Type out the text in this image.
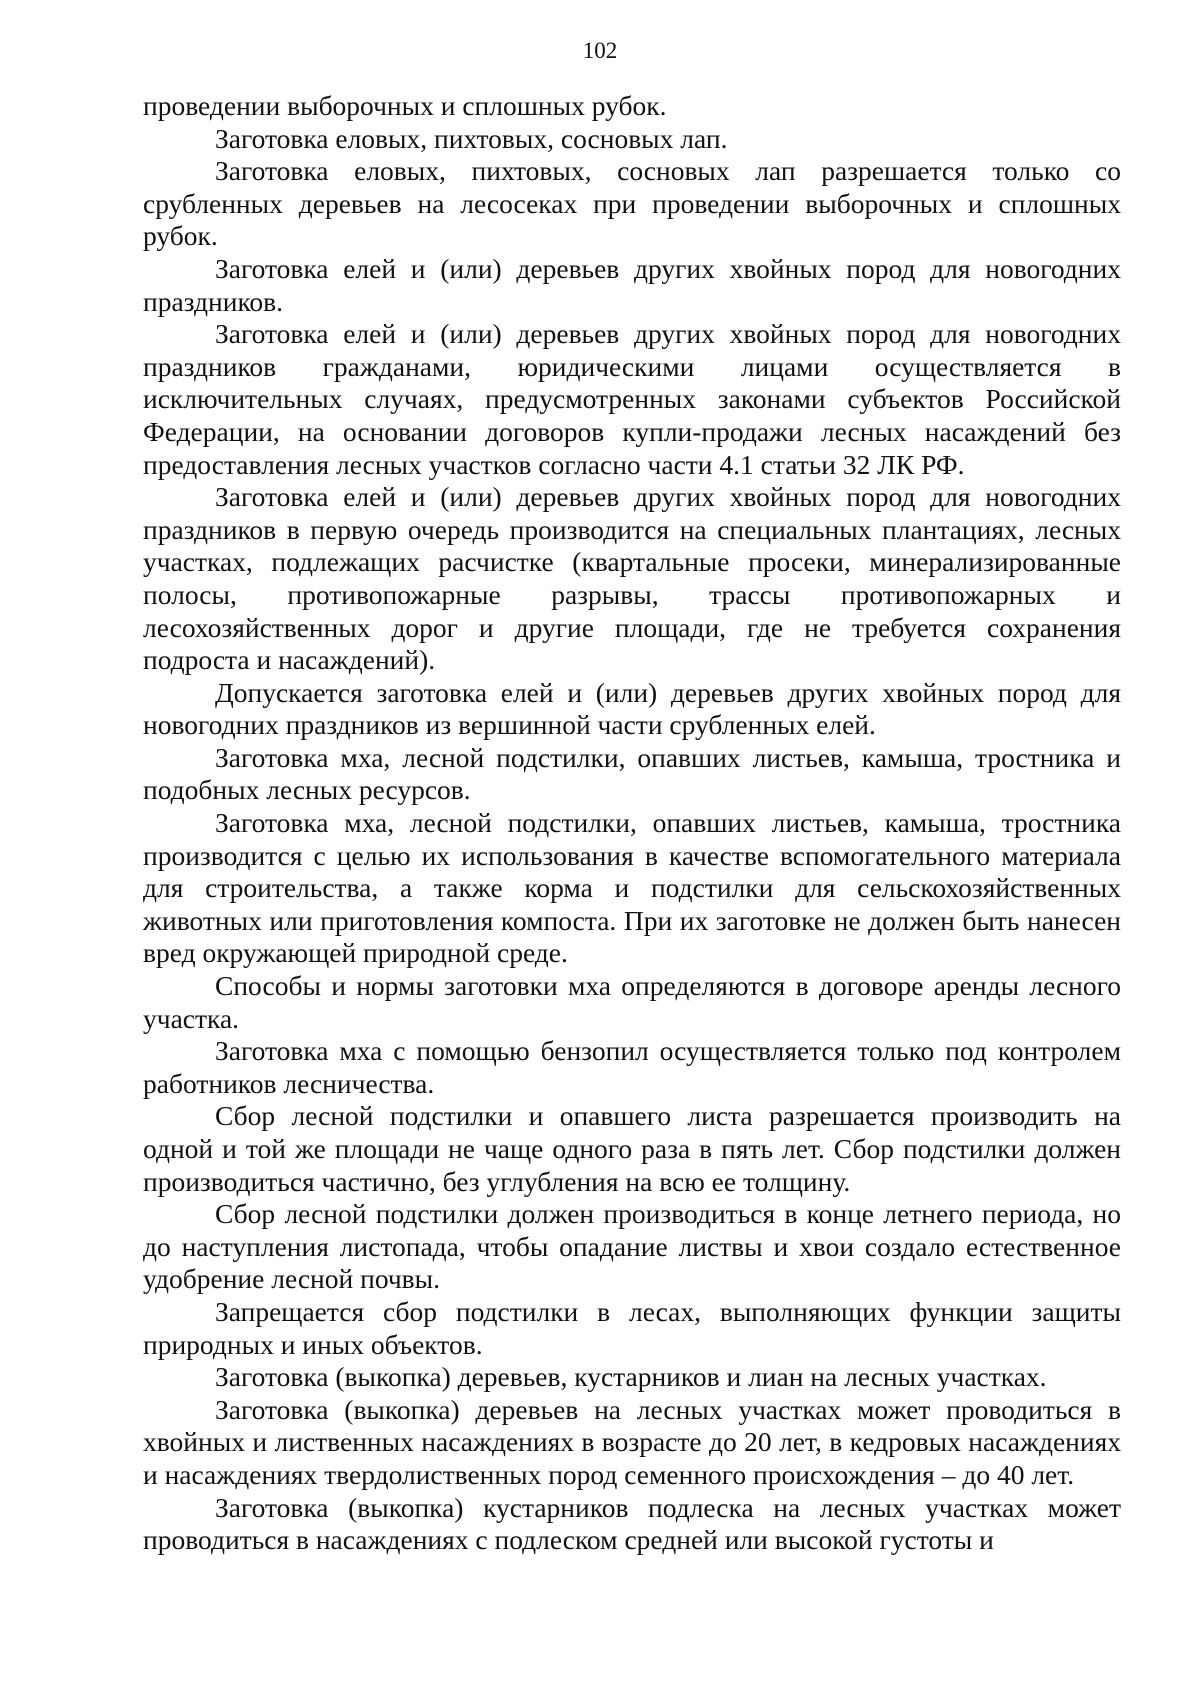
102

проведении выборочных и сплошных рубок.

Заготовка еловых, пихтовых, сосновых лап.

Заготовка еловых, пихтовых, сосновых лап разрешается только со срубленных деревьев на лесосеках при проведении выборочных и сплошных рубок.

Заготовка елей и (или) деревьев других хвойных пород для новогодних праздников.

Заготовка елей и (или) деревьев других хвойных пород для новогодних праздников гражданами, юридическими лицами осуществляется в исключительных случаях, предусмотренных законами субъектов Российской Федерации, на основании договоров купли-продажи лесных насаждений без предоставления лесных участков согласно части 4.1 статьи 32 ЛК РФ.

Заготовка елей и (или) деревьев других хвойных пород для новогодних праздников в первую очередь производится на специальных плантациях, лесных участках, подлежащих расчистке (квартальные просеки, минерализированные полосы, противопожарные разрывы, трассы противопожарных и лесохозяйственных дорог и другие площади, где не требуется сохранения подроста и насаждений).

Допускается заготовка елей и (или) деревьев других хвойных пород для новогодних праздников из вершинной части срубленных елей.

Заготовка мха, лесной подстилки, опавших листьев, камыша, тростника и подобных лесных ресурсов.

Заготовка мха, лесной подстилки, опавших листьев, камыша, тростника производится с целью их использования в качестве вспомогательного материала для строительства, а также корма и подстилки для сельскохозяйственных животных или приготовления компоста. При их заготовке не должен быть нанесен вред окружающей природной среде.

Способы и нормы заготовки мха определяются в договоре аренды лесного участка.

Заготовка мха с помощью бензопил осуществляется только под контролем работников лесничества.

Сбор лесной подстилки и опавшего листа разрешается производить на одной и той же площади не чаще одного раза в пять лет. Сбор подстилки должен производиться частично, без углубления на всю ее толщину.

Сбор лесной подстилки должен производиться в конце летнего периода, но до наступления листопада, чтобы опадание листвы и хвои создало естественное удобрение лесной почвы.

Запрещается сбор подстилки в лесах, выполняющих функции защиты природных и иных объектов.

Заготовка (выкопка) деревьев, кустарников и лиан на лесных участках.

Заготовка (выкопка) деревьев на лесных участках может проводиться в хвойных и лиственных насаждениях в возрасте до 20 лет, в кедровых насаждениях и насаждениях твердолиственных пород семенного происхождения – до 40 лет.

Заготовка (выкопка) кустарников подлеска на лесных участках может проводиться в насаждениях с подлеском средней или высокой густоты и
